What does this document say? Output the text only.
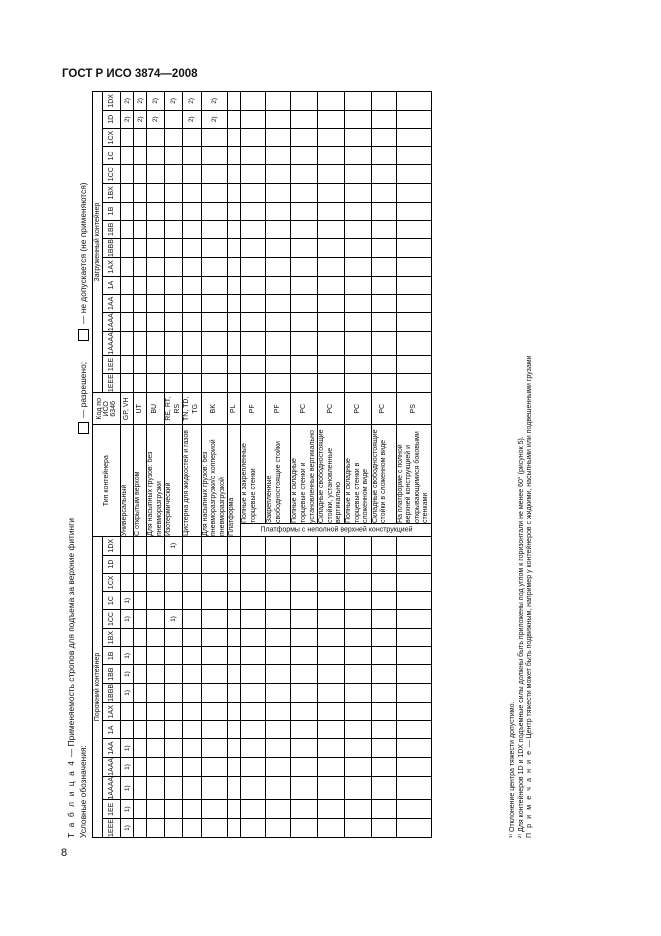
ГОСТ Р ИСО 3874—2008
Т а б л и ц а 4 — Применяемость стропов для подъема за верхние фитинги
Условные обозначения:
— разрешено;
— не допускается (не применяются)
Порожний контейнер																Тип контейнера		Код по ИСО 6346	Загруженный контейнер															
1EEE	1EE	1AAAA	1AAA	1AA	1A	1AX	1BBB	1BB	1B	1BX	1CC	1C	1CX	1D	1DX				1EEE	1EE	1AAAA	1AAA	1AA	1A	1AX	1BBB	1BB	1B	1BX	1CC	1C	1CX	1D	1DX
1)	1)	1)	1)	1)			1)	1)	1)		1)	1)				Универсальный		GP, VH															2)	2)
																С открытым верхом		UT															2)	2)
																Для насыпных грузов: без пневморазгрузки		BU															2)	2)
											1)				1)	Изотермический		RE, RT, RS																2)
																Цистерна для жидкостей и газов		TN, TD, TG															2)	2)
																Для насыпных грузов: без пневморазгрузки/с хоппериой пневморазгрузкой		BK															2)	2)
																Платформа		PL																

Платформы с неполной верхней конструкцией	Полные и закрепленные торцевые стенки	PF																
																	Закрепленные свободностоящие стойки	PF																
																	Полные и складные торцевые стенки и установленные вертикально	PC																
																	Складные свободностоящие стойки, установленные вертикально	PC																
																	Полные и складные торцевые стенки в сложенном виде	PC																
																	Складные свободностоящие стойки в сложенном виде	PC																
																	На платформе с полной верхней конструкцией и открывающимися боковыми стенками	PS																
¹⁾ Отклонение центра тяжести допустимо. ²⁾ Для контейнеров 1D и 1DX подъемные силы должны быть приложены под углом к горизонтали не менее 60° (рисунок 5). П р и м е ч а н и е — Центр тяжести может быть подвижным, например у контейнеров с жидкими, насыпными или подвешенными грузами
8
